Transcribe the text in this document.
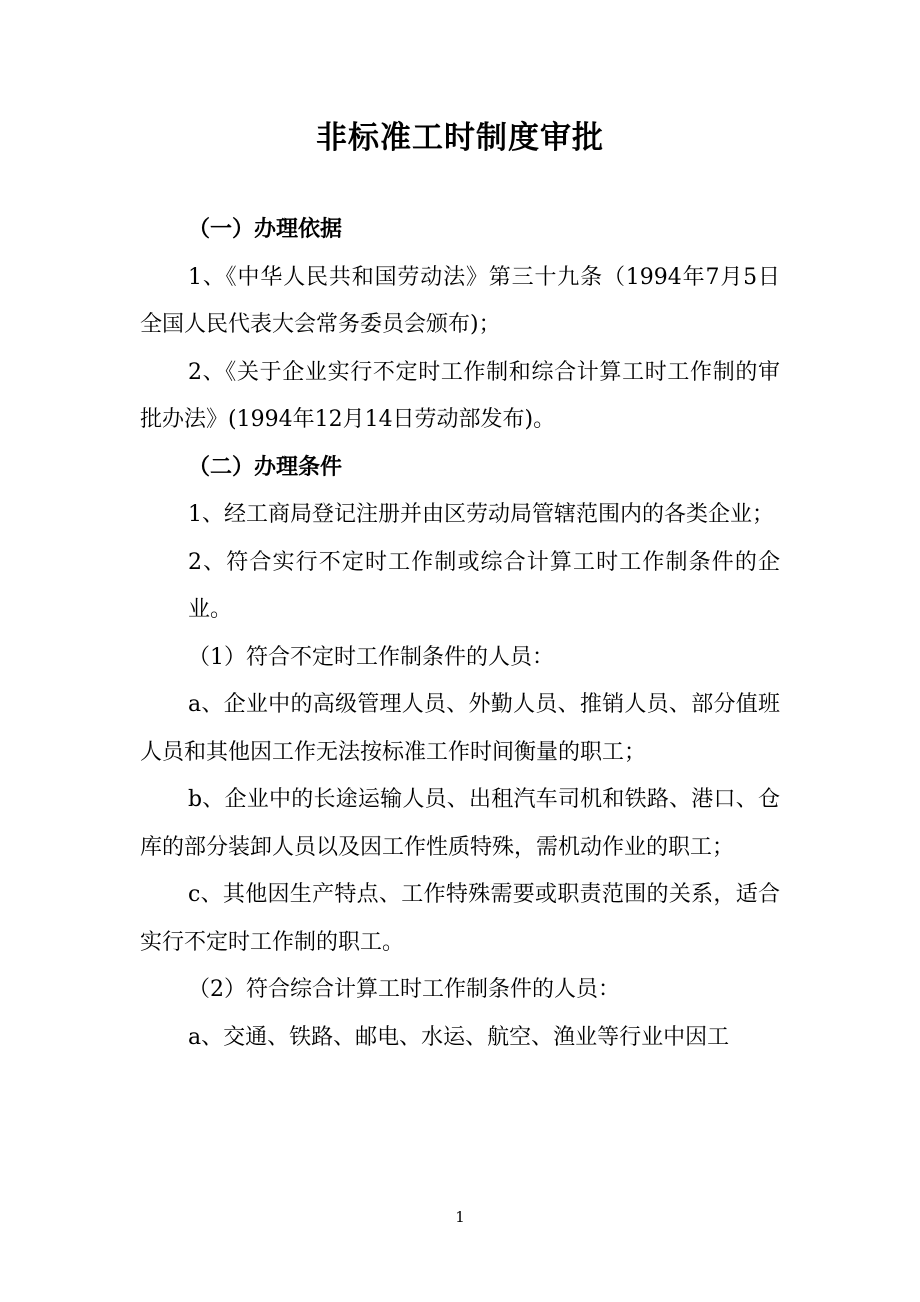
非标准工时制度审批

（一）办理依据

1、《中华人民共和国劳动法》第三十九条（1994年7月5日全国人民代表大会常务委员会颁布)；

2、《关于企业实行不定时工作制和综合计算工时工作制的审批办法》(1994年12月14日劳动部发布)。

（二）办理条件

1、经工商局登记注册并由区劳动局管辖范围内的各类企业；

2、符合实行不定时工作制或综合计算工时工作制条件的企业。

（1）符合不定时工作制条件的人员：

a、企业中的高级管理人员、外勤人员、推销人员、部分值班人员和其他因工作无法按标准工作时间衡量的职工；

b、企业中的长途运输人员、出租汽车司机和铁路、港口、仓库的部分装卸人员以及因工作性质特殊，需机动作业的职工；

c、其他因生产特点、工作特殊需要或职责范围的关系，适合实行不定时工作制的职工。

（2）符合综合计算工时工作制条件的人员：

a、交通、铁路、邮电、水运、航空、渔业等行业中因工

1
